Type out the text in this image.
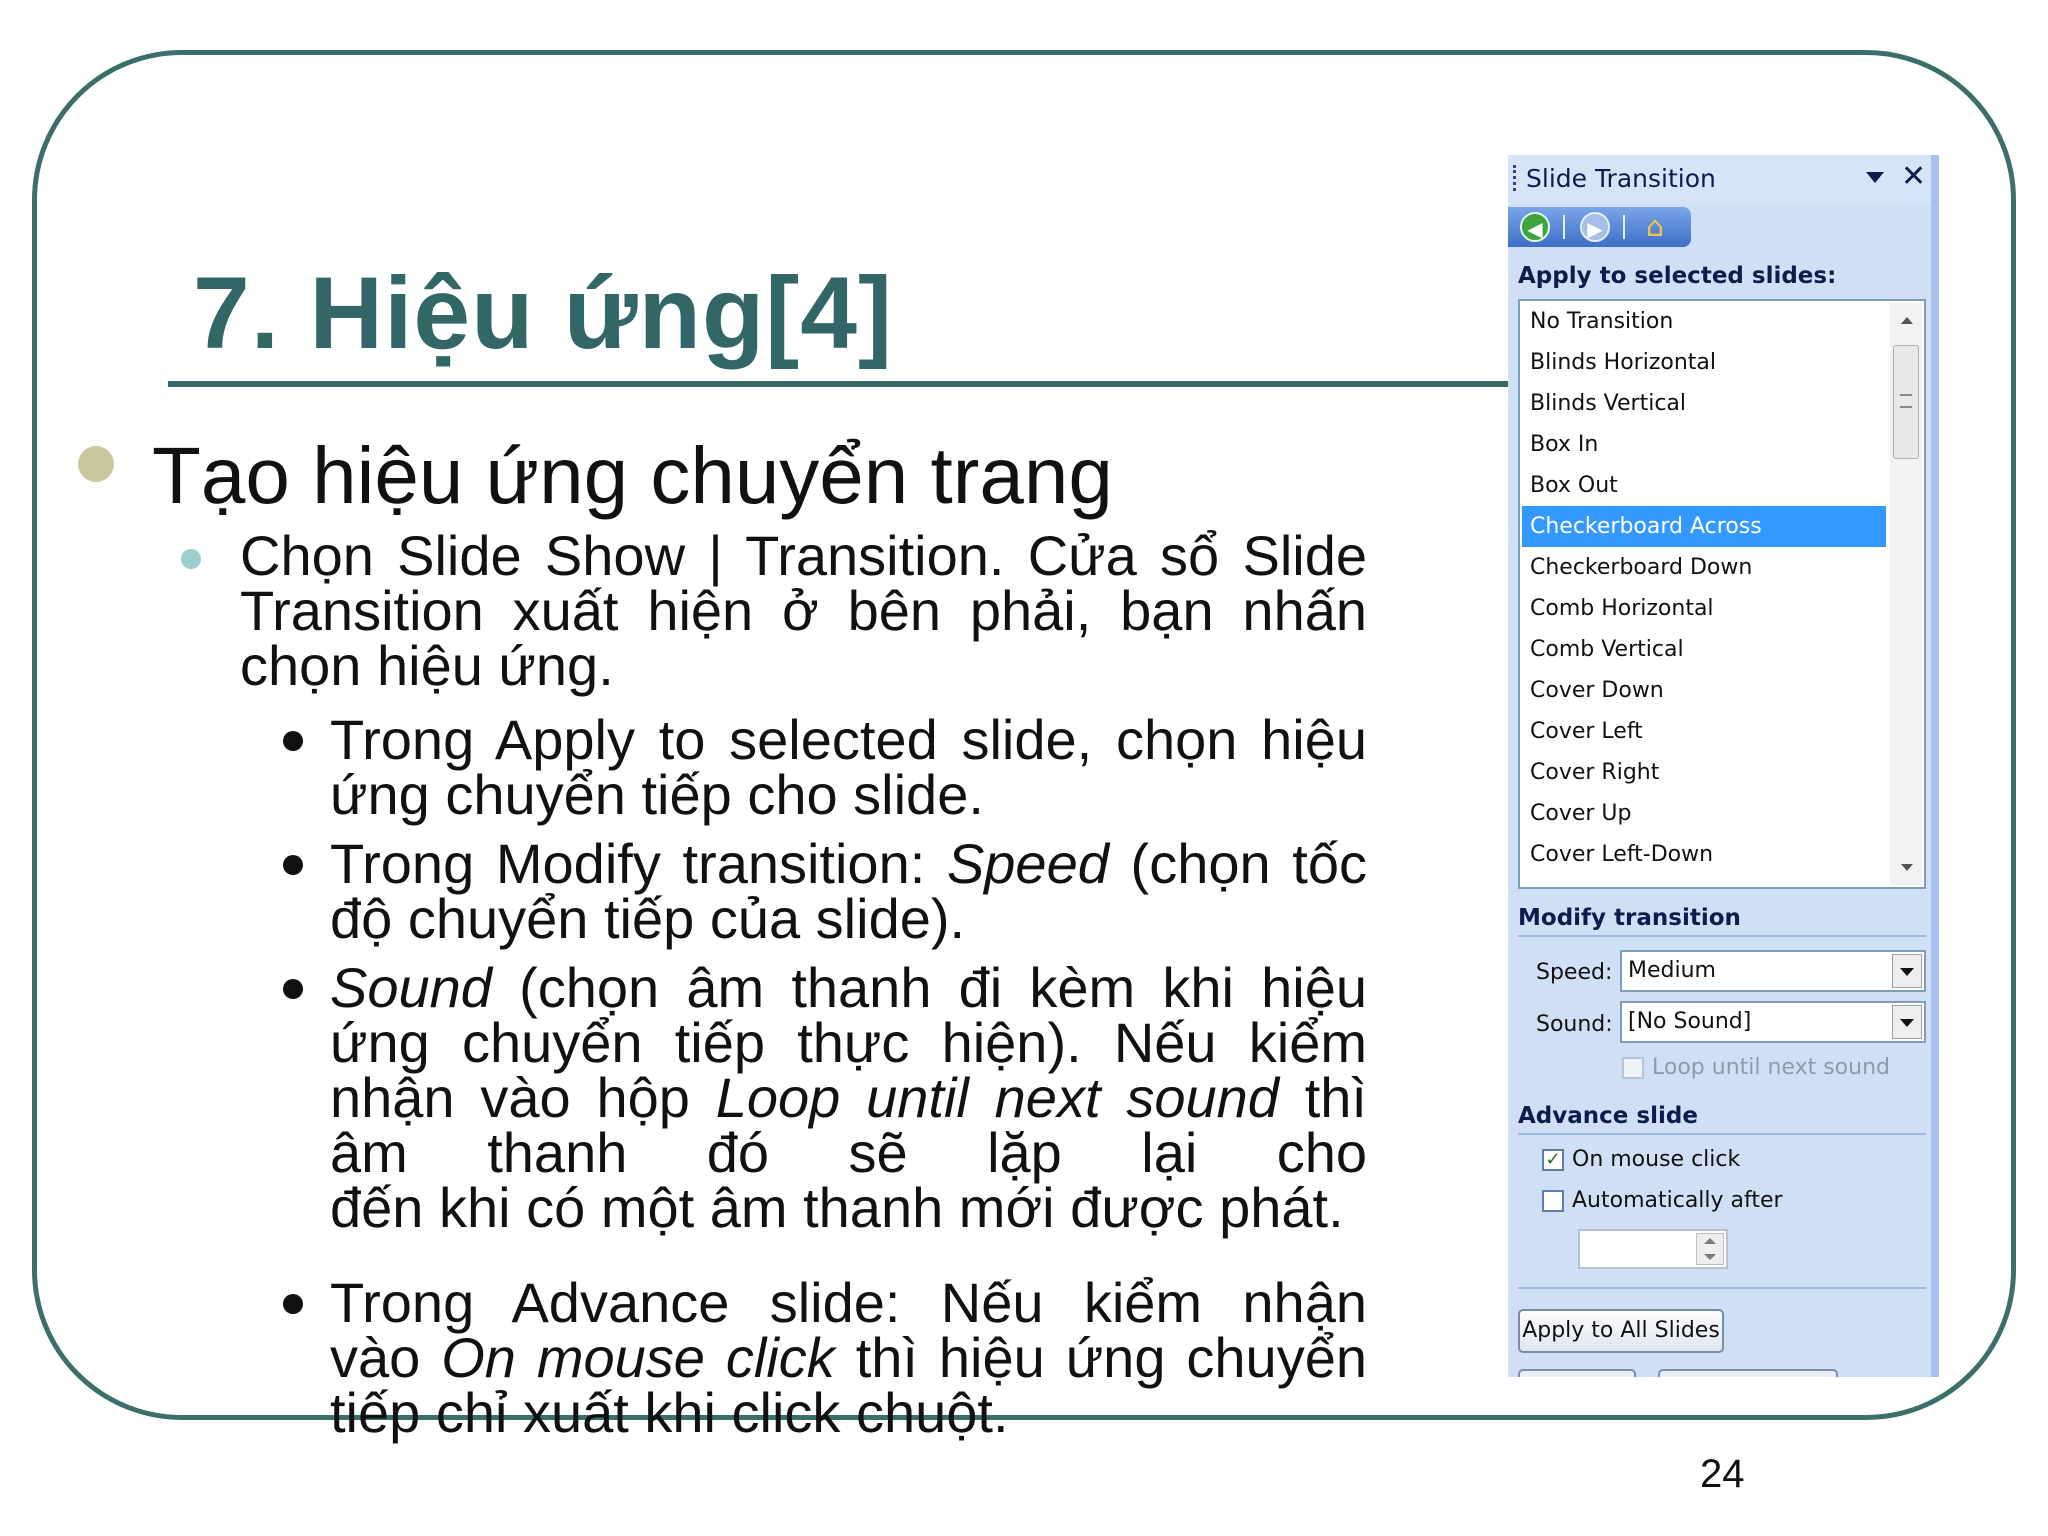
7. Hiệu ứng[4]
Tạo hiệu ứng chuyển trang
Chọn Slide Show | Transition. Cửa sổ Slide
Transition xuất hiện ở bên phải, bạn nhấn
chọn hiệu ứng.
Trong Apply to selected slide, chọn hiệu
ứng chuyển tiếp cho slide.
Trong Modify transition: Speed (chọn tốc
độ chuyển tiếp của slide).
Sound (chọn âm thanh đi kèm khi hiệu
ứng chuyển tiếp thực hiện). Nếu kiểm
nhận vào hộp Loop until next sound thì
âm thanh đó sẽ lặp lại cho
đến khi có một âm thanh mới được phát.
Trong Advance slide: Nếu kiểm nhận
vào On mouse click thì hiệu ứng chuyển
tiếp chỉ xuất khi click chuột.
24
Slide Transition	✕
◀	▶ ⌂
Apply to selected slides:
No Transition
Blinds Horizontal
Blinds Vertical
Box In
Box Out
Checkerboard Across
Checkerboard Down
Comb Horizontal
Comb Vertical
Cover Down
Cover Left
Cover Right
Cover Up
Cover Left-Down
Modify transition
Speed: Medium
Sound: [No Sound]
Loop until next sound
Advance slide
✓ On mouse click
Automatically after
Apply to All Slides
